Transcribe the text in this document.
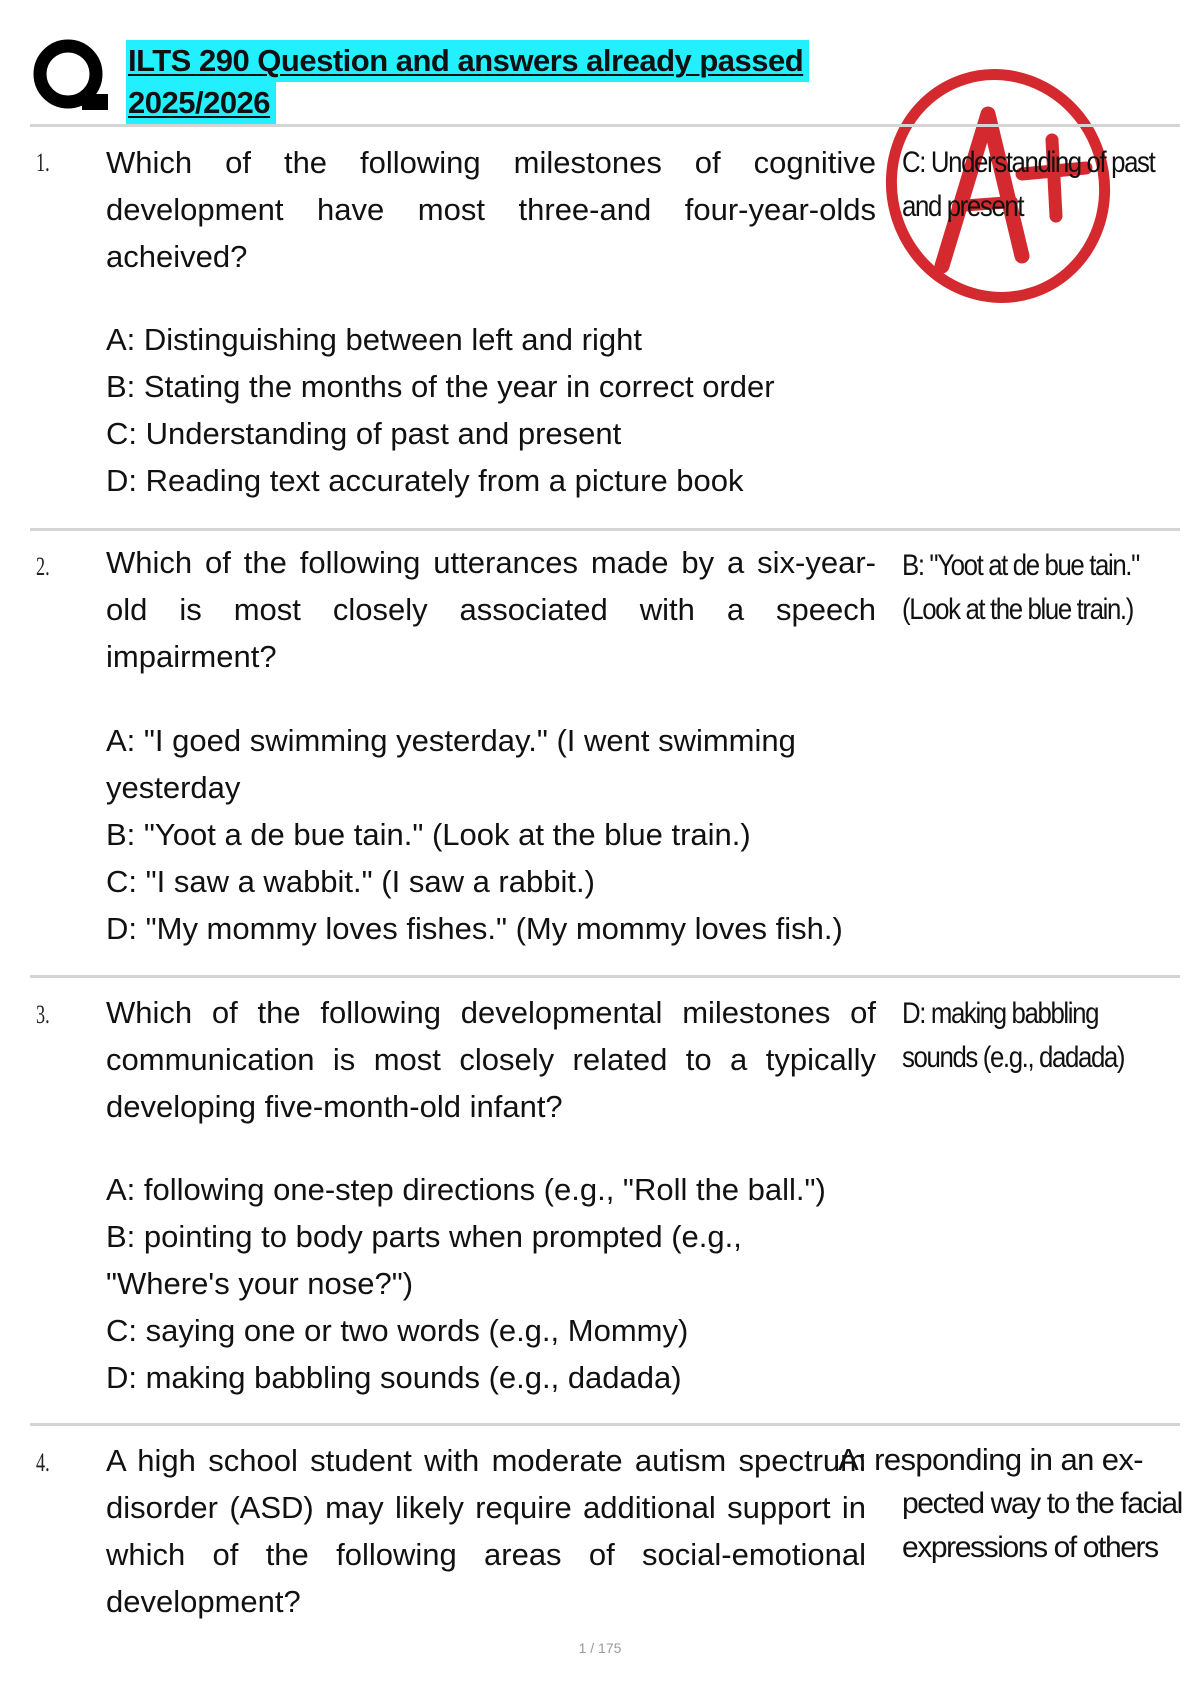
ILTS 290 Question and answers already passed
2025/2026
1. Which of the following milestones of cognitive development have most three-and four-year-olds acheived?

A: Distinguishing between left and right

B: Stating the months of the year in correct order

C: Understanding of past and present

D: Reading text accurately from a picture book

C: Understanding of past
and present

2. Which of the following utterances made by a six-year-old is most closely associated with a speech impairment?

A: "I goed swimming yesterday." (I went swimming

yesterday

B: "Yoot a de bue tain." (Look at the blue train.)

C: "I saw a wabbit." (I saw a rabbit.)

D: "My mommy loves fishes." (My mommy loves fish.)

B: "Yoot at de bue tain."
(Look at the blue train.)

3. Which of the following developmental milestones of communication is most closely related to a typically developing five-month-old infant?

A: following one-step directions (e.g., "Roll the ball.")

B: pointing to body parts when prompted (e.g.,

"Where's your nose?")

C: saying one or two words (e.g., Mommy)

D: making babbling sounds (e.g., dadada)

D: making babbling
sounds (e.g., dadada)

4. A high school student with moderate autism spectrum disorder (ASD) may likely require additional support in which of the following areas of social-emotional development?

A: responding in an ex-
pected way to the facial
expressions of others

1 / 175
